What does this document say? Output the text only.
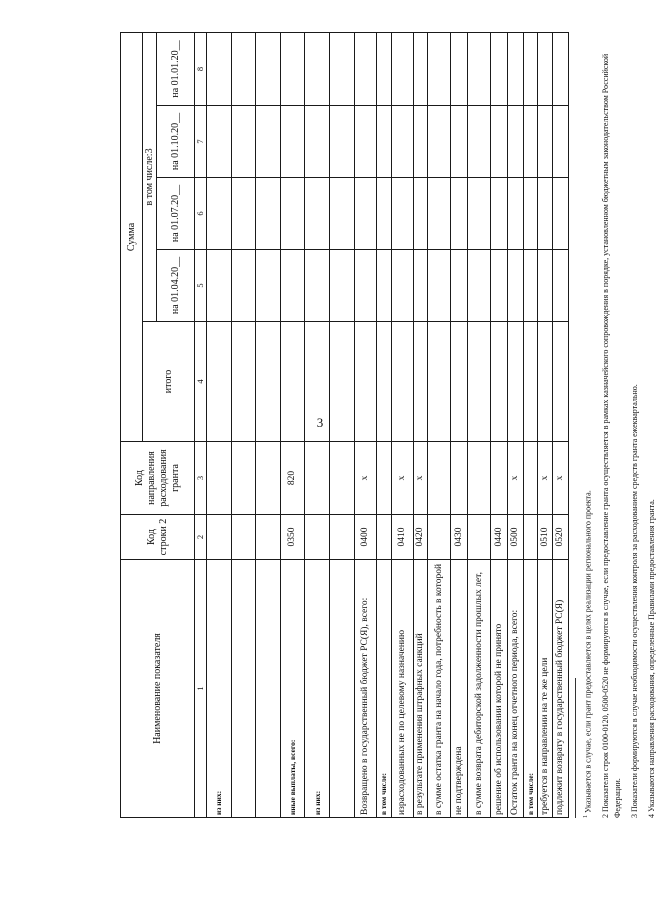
3
Наименование показателя	Код строки 2	Код направления расходования гранта	Сумма				
			итого	в том числе:3			
				на 01.04.20__	на 01.07.20__	на 01.10.20__	на 01.01.20__
1	2	3	4	5	6	7	8
из них:							

иные выплаты, всего:	0350	820					
из них:							

Возвращено в государственный бюджет РС(Я), всего:	0400	х					
в том числе:							
израсходованных не по целевому назначению	0410	х					
в результате применения штрафных санкций	0420	х					
в сумме остатка гранта на начало года, потребность в которой							
не подтверждена	0430						
в сумме возврата дебиторской задолженности прошлых лет,							
решение об использовании которой не принято	0440						
Остаток гранта на конец отчетного периода, всего:	0500	х					
в том числе:							
требуется в направлении на те же цели	0510	х					
подлежит возврату в государственный бюджет РС(Я)	0520	х					

$^1$ Указывается в случае, если грант предоставляется в целях реализации регионального проекта. 2 Показатели строк 0100-0120, 0500-0520 не формируются в случае, если предоставление гранта осуществляется в рамках казначейского сопровождения в порядке, установленном бюджетным законодательством Российской Федерации. 3 Показатели формируются в случае необходимости осуществления контроля за расходованием средств гранта ежеквартально. 4 Указываются направления расходования, определенные Правилами предоставления гранта.
